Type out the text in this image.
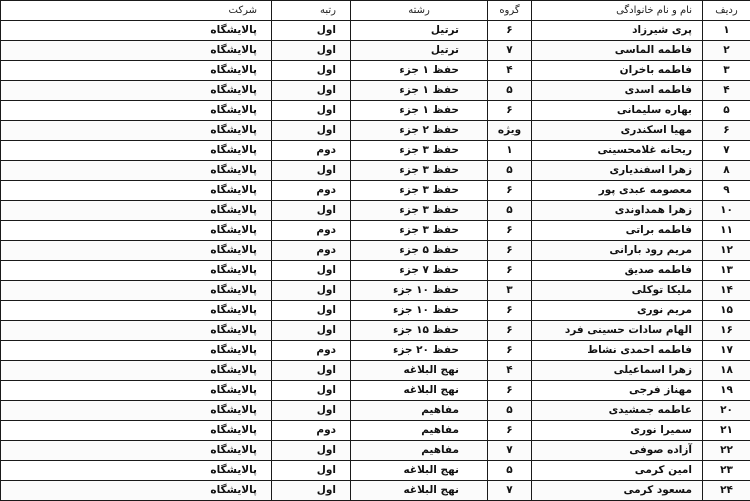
ردیف	نام و نام خانوادگی	گروه	رشته	رتبه	شرکت
۱	پری شیرزاد	۶	ترتیل	اول	پالایشگاه
۲	فاطمه الماسی	۷	ترتیل	اول	پالایشگاه
۳	فاطمه باخران	۴	حفظ ۱ جزء	اول	پالایشگاه
۴	فاطمه اسدی	۵	حفظ ۱ جزء	اول	پالایشگاه
۵	بهاره سلیمانی	۶	حفظ ۱ جزء	اول	پالایشگاه
۶	مهیا اسکندری	ویژه	حفظ ۲ جزء	اول	پالایشگاه
۷	ریحانه غلامحسینی	۱	حفظ ۳ جزء	دوم	پالایشگاه
۸	زهرا اسفندیاری	۵	حفظ ۳ جزء	اول	پالایشگاه
۹	معصومه عبدی پور	۶	حفظ ۳ جزء	دوم	پالایشگاه
۱۰	زهرا همداوندی	۵	حفظ ۳ جزء	اول	پالایشگاه
۱۱	فاطمه براتی	۶	حفظ ۳ جزء	دوم	پالایشگاه
۱۲	مریم رود بارانی	۶	حفظ ۵ جزء	دوم	پالایشگاه
۱۳	فاطمه صدیق	۶	حفظ ۷ جزء	اول	پالایشگاه
۱۴	ملیکا توکلی	۳	حفظ ۱۰ جزء	اول	پالایشگاه
۱۵	مریم نوری	۶	حفظ ۱۰ جزء	اول	پالایشگاه
۱۶	الهام سادات حسینی فرد	۶	حفظ ۱۵ جزء	اول	پالایشگاه
۱۷	فاطمه احمدی نشاط	۶	حفظ ۲۰ جزء	دوم	پالایشگاه
۱۸	زهرا اسماعیلی	۴	نهج البلاغه	اول	پالایشگاه
۱۹	مهناز فرجی	۶	نهج البلاغه	اول	پالایشگاه
۲۰	عاطمه جمشیدی	۵	مفاهیم	اول	پالایشگاه
۲۱	سمیرا نوری	۶	مفاهیم	دوم	پالایشگاه
۲۲	آزاده صوفی	۷	مفاهیم	اول	پالایشگاه
۲۳	امین کرمی	۵	نهج البلاغه	اول	پالایشگاه
۲۴	مسعود کرمی	۷	نهج البلاغه	اول	پالایشگاه
